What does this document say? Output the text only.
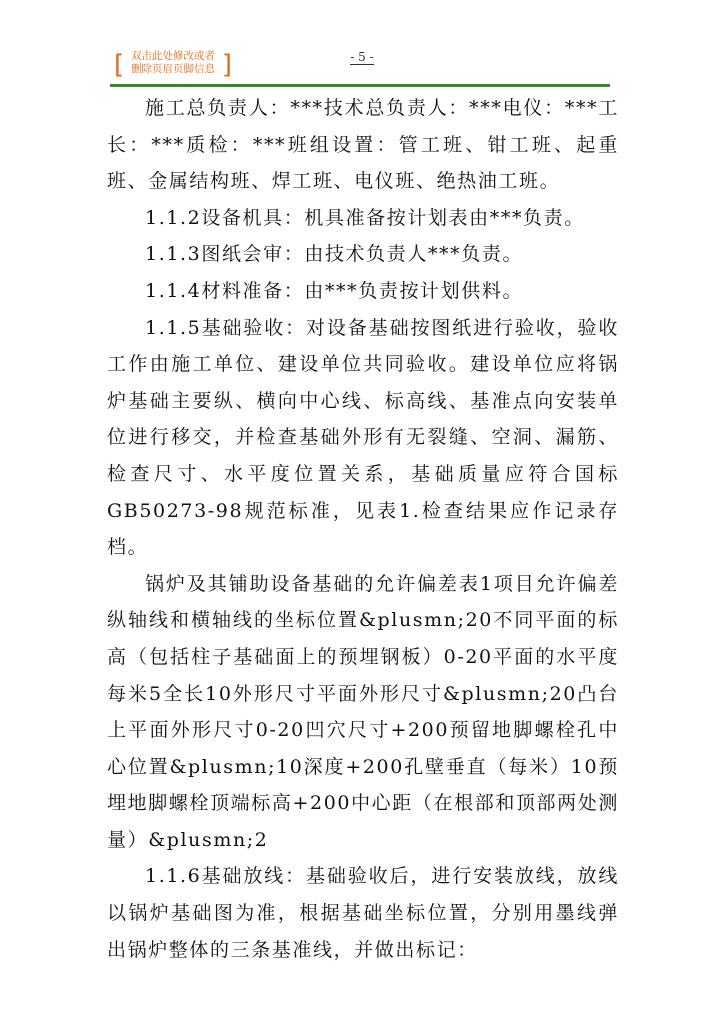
[ 双击此处修改或者
删除页眉页脚信息 ]	- 5 -

施工总负责人：***技术总负责人：***电仪：***工长：***质检：***班组设置：管工班、钳工班、起重班、金属结构班、焊工班、电仪班、绝热油工班。

1.1.2设备机具：机具准备按计划表由***负责。

1.1.3图纸会审：由技术负责人***负责。

1.1.4材料准备：由***负责按计划供料。

1.1.5基础验收：对设备基础按图纸进行验收，验收工作由施工单位、建设单位共同验收。建设单位应将锅炉基础主要纵、横向中心线、标高线、基准点向安装单位进行移交，并检查基础外形有无裂缝、空洞、漏筋、检查尺寸、水平度位置关系，基础质量应符合国标GB50273-98规范标准，见表1.检查结果应作记录存档。

锅炉及其铺助设备基础的允许偏差表1项目允许偏差纵轴线和横轴线的坐标位置&plusmn;20不同平面的标高（包括柱子基础面上的预埋钢板）0-20平面的水平度每米5全长10外形尺寸平面外形尺寸&plusmn;20凸台上平面外形尺寸0-20凹穴尺寸+200预留地脚螺栓孔中心位置&plusmn;10深度+200孔壁垂直（每米）10预埋地脚螺栓顶端标高+200中心距（在根部和顶部两处测量）&plusmn;2

1.1.6基础放线：基础验收后，进行安装放线，放线以锅炉基础图为准，根据基础坐标位置，分别用墨线弹出锅炉整体的三条基准线，并做出标记：
